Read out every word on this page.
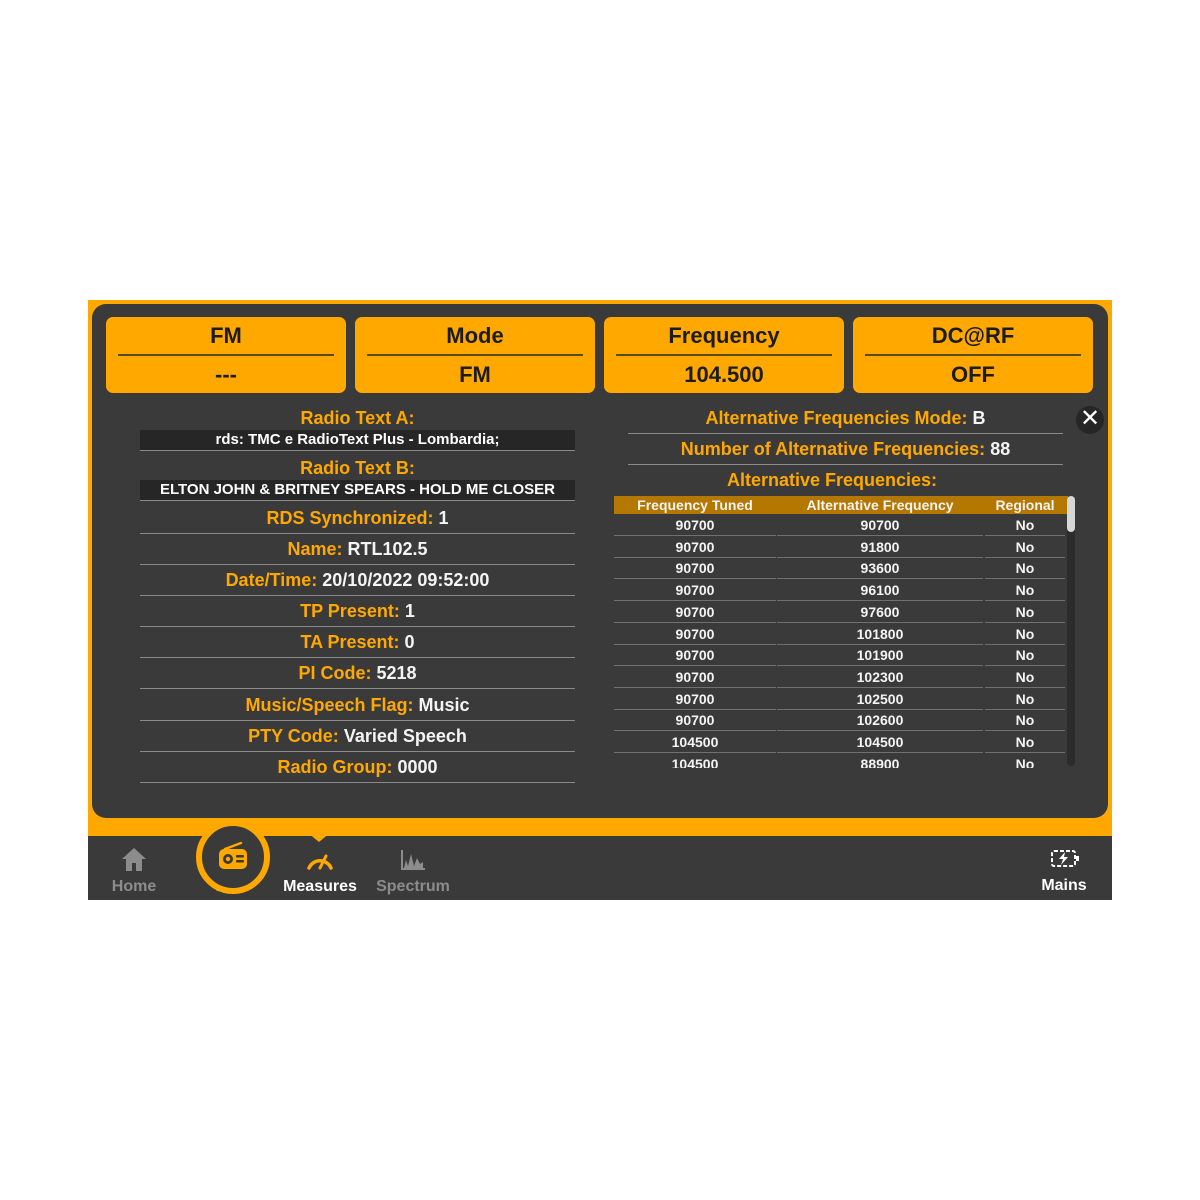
FM
---
Mode
FM
Frequency
104.500
DC@RF
OFF
Radio Text A:
rds: TMC e RadioText Plus - Lombardia;
Radio Text B:
ELTON JOHN & BRITNEY SPEARS - HOLD ME CLOSER
RDS Synchronized: 1
Name: RTL102.5
Date/Time: 20/10/2022 09:52:00
TP Present: 1
TA Present: 0
PI Code: 5218
Music/Speech Flag: Music
PTY Code: Varied Speech
Radio Group: 0000
Alternative Frequencies Mode: B
Number of Alternative Frequencies: 88
Alternative Frequencies:
✕
Frequency Tuned	Alternative Frequency	Regional
90700	90700	No
90700	91800	No
90700	93600	No
90700	96100	No
90700	97600	No
90700	101800	No
90700	101900	No
90700	102300	No
90700	102500	No
90700	102600	No
104500	104500	No
104500	88900	No
Home	Measures	Spectrum	Mains
